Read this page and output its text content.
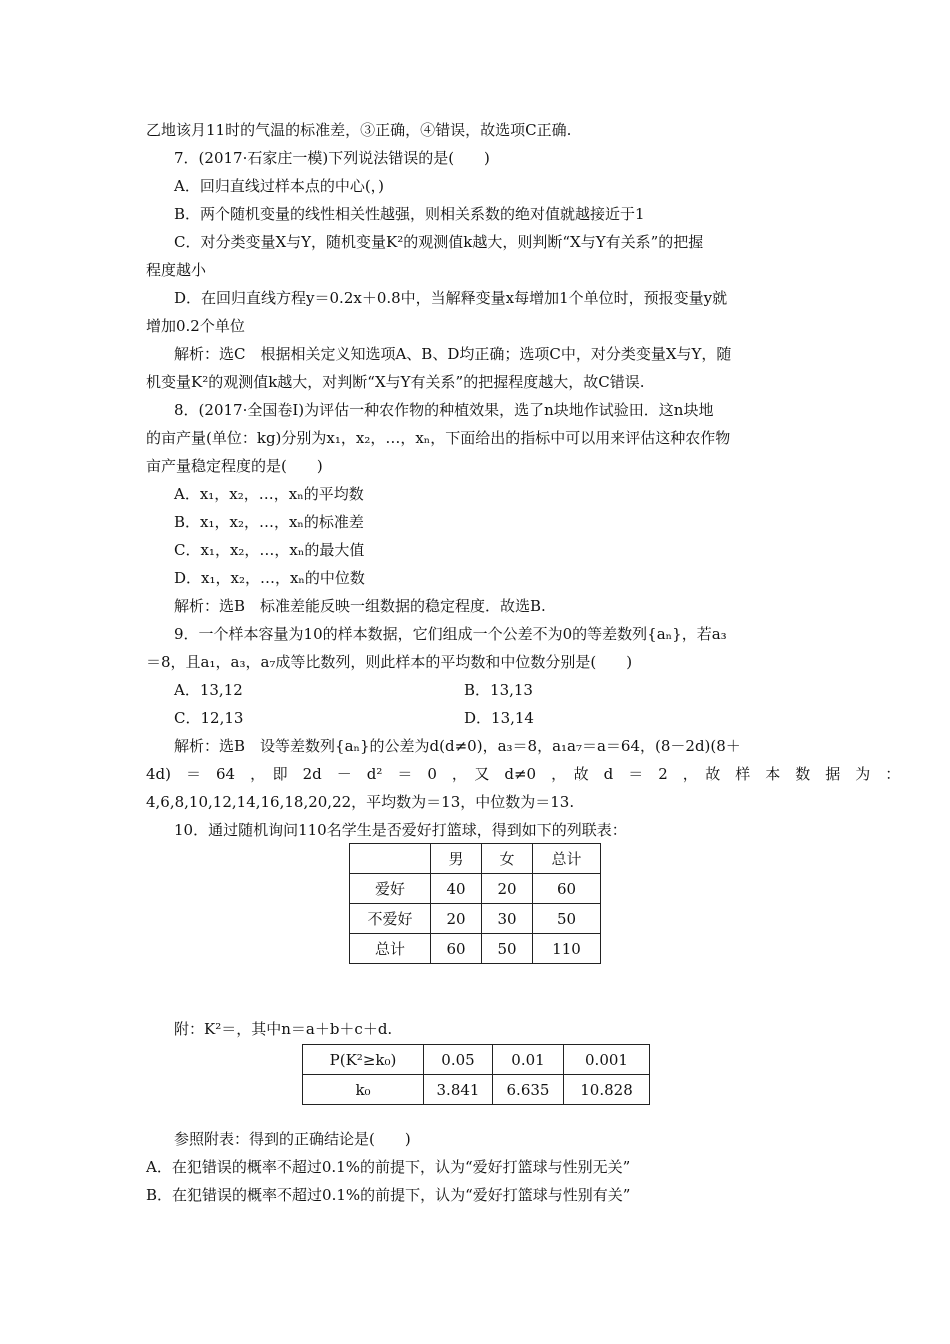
乙地该月11时的气温的标准差，③正确，④错误，故选项C正确.
7．(2017·石家庄一模)下列说法错误的是(　　)
A．回归直线过样本点的中心(，)
B．两个随机变量的线性相关性越强，则相关系数的绝对值就越接近于1
C．对分类变量X与Y，随机变量K²的观测值k越大，则判断“X与Y有关系”的把握
程度越小
D．在回归直线方程y＝0.2x＋0.8中，当解释变量x每增加1个单位时，预报变量y就
增加0.2个单位
解析：选C　根据相关定义知选项A、B、D均正确；选项C中，对分类变量X与Y，随
机变量K²的观测值k越大，对判断“X与Y有关系”的把握程度越大，故C错误.
8．(2017·全国卷Ⅰ)为评估一种农作物的种植效果，选了n块地作试验田．这n块地
的亩产量(单位：kg)分别为x₁，x₂，…，xₙ，下面给出的指标中可以用来评估这种农作物
亩产量稳定程度的是(　　)
A．x₁，x₂，…，xₙ的平均数
B．x₁，x₂，…，xₙ的标准差
C．x₁，x₂，…，xₙ的最大值
D．x₁，x₂，…，xₙ的中位数
解析：选B　标准差能反映一组数据的稳定程度．故选B.
9．一个样本容量为10的样本数据，它们组成一个公差不为0的等差数列{aₙ}，若a₃
＝8，且a₁，a₃，a₇成等比数列，则此样本的平均数和中位数分别是(　　)
A．13,12	B．13,13
C．12,13	D．13,14
解析：选B　设等差数列{aₙ}的公差为d(d≠0)，a₃＝8，a₁a₇＝a＝64，(8－2d)(8＋
4d)　＝　64　，　即　2d　－　d²　＝　0　，　又　d≠0　，　故　d　＝　2　，　故　样　本　数　据　为　：
4,6,8,10,12,14,16,18,20,22，平均数为＝13，中位数为＝13.
10．通过随机询问110名学生是否爱好打篮球，得到如下的列联表：
	男	女	总计
爱好	40	20	60
不爱好	20	30	50
总计	60	50	110
附：K²＝，其中n＝a＋b＋c＋d.
P(K²≥k₀)	0.05	0.01	0.001
k₀	3.841	6.635	10.828
参照附表：得到的正确结论是(　　)
A．在犯错误的概率不超过0.1%的前提下，认为“爱好打篮球与性别无关”
B．在犯错误的概率不超过0.1%的前提下，认为“爱好打篮球与性别有关”
